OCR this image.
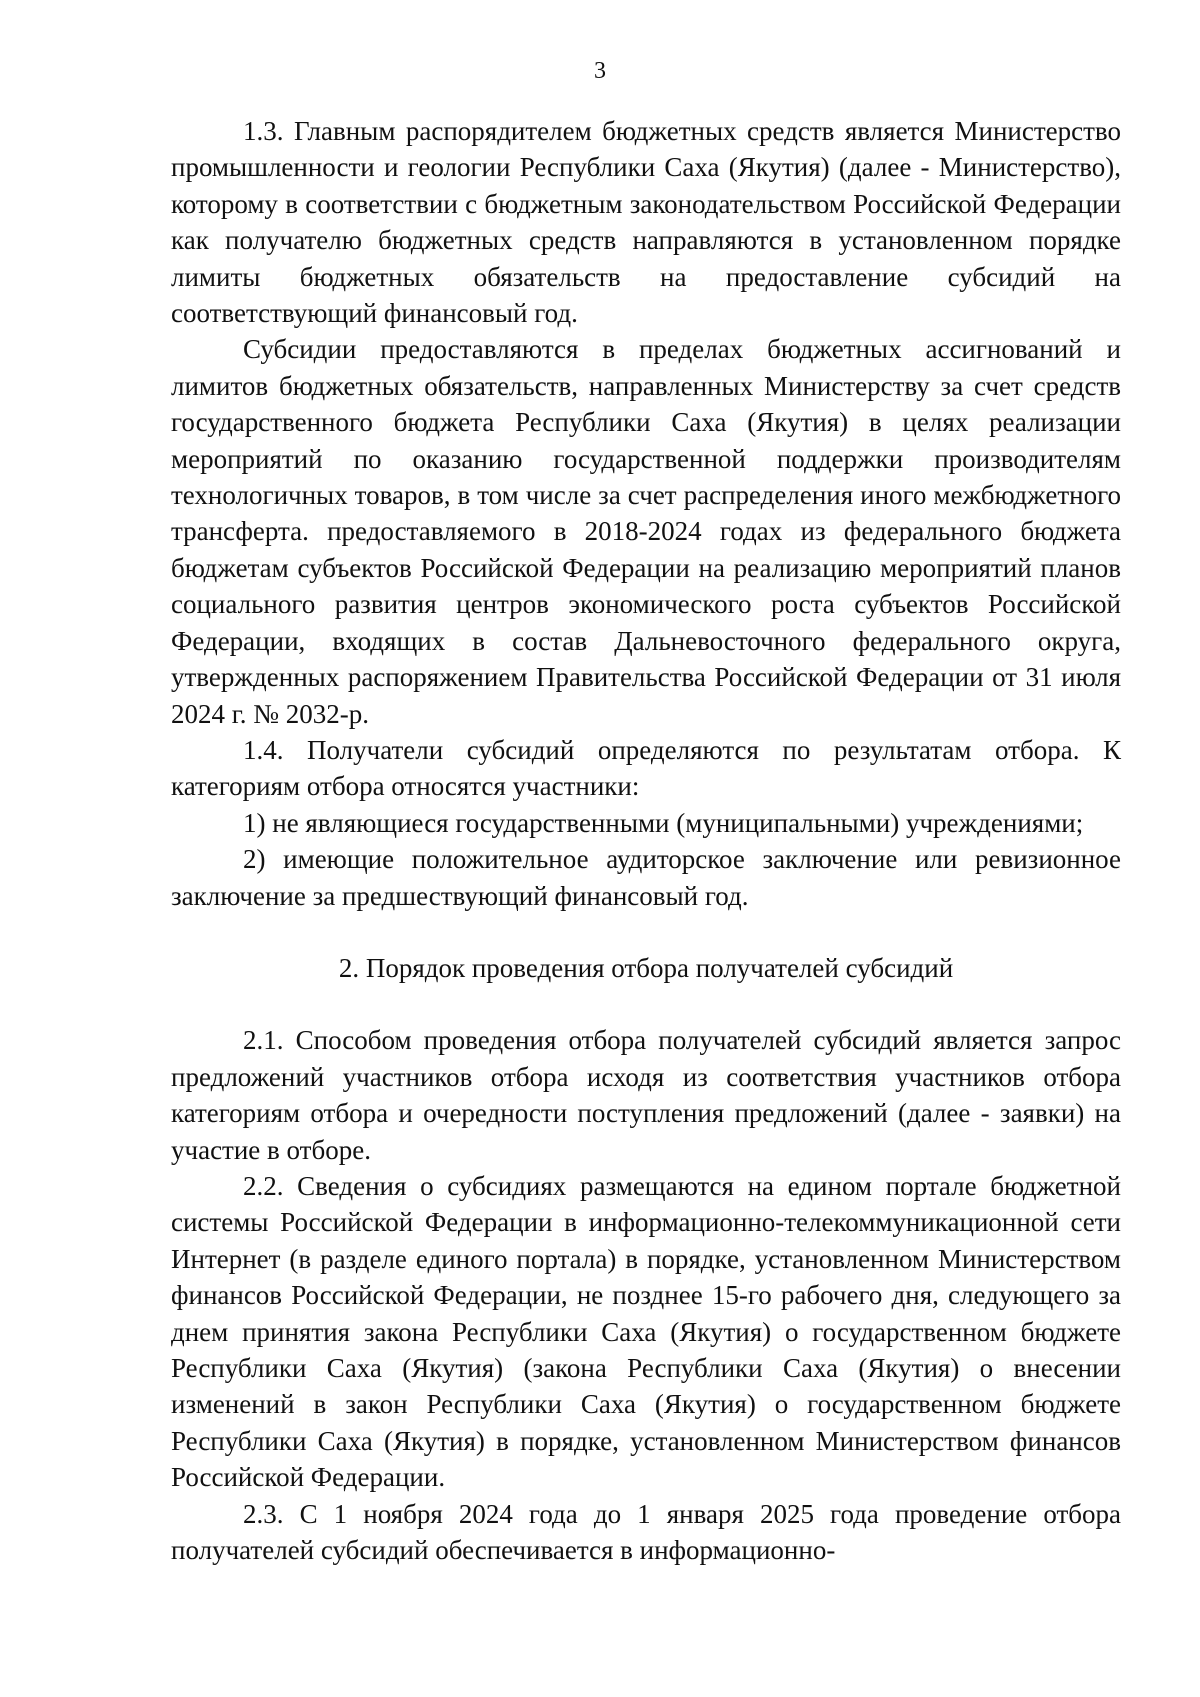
3

1.3. Главным распорядителем бюджетных средств является Министерство промышленности и геологии Республики Саха (Якутия) (далее - Министерство), которому в соответствии с бюджетным законодательством Российской Федерации как получателю бюджетных средств направляются в установленном порядке лимиты бюджетных обязательств на предоставление субсидий на соответствующий финансовый год.

Субсидии предоставляются в пределах бюджетных ассигнований и лимитов бюджетных обязательств, направленных Министерству за счет средств государственного бюджета Республики Саха (Якутия) в целях реализации мероприятий по оказанию государственной поддержки производителям технологичных товаров, в том числе за счет распределения иного межбюджетного трансферта. предоставляемого в 2018-2024 годах из федерального бюджета бюджетам субъектов Российской Федерации на реализацию мероприятий планов социального развития центров экономического роста субъектов Российской Федерации, входящих в состав Дальневосточного федерального округа, утвержденных распоряжением Правительства Российской Федерации от 31 июля 2024 г. № 2032-р.

1.4. Получатели субсидий определяются по результатам отбора. К категориям отбора относятся участники:

1) не являющиеся государственными (муниципальными) учреждениями;

2) имеющие положительное аудиторское заключение или ревизионное заключение за предшествующий финансовый год.

2. Порядок проведения отбора получателей субсидий

2.1. Способом проведения отбора получателей субсидий является запрос предложений участников отбора исходя из соответствия участников отбора категориям отбора и очередности поступления предложений (далее - заявки) на участие в отборе.

2.2. Сведения о субсидиях размещаются на едином портале бюджетной системы Российской Федерации в информационно-телекоммуникационной сети Интернет (в разделе единого портала) в порядке, установленном Министерством финансов Российской Федерации, не позднее 15-го рабочего дня, следующего за днем принятия закона Республики Саха (Якутия) о государственном бюджете Республики Саха (Якутия) (закона Республики Саха (Якутия) о внесении изменений в закон Республики Саха (Якутия) о государственном бюджете Республики Саха (Якутия) в порядке, установленном Министерством финансов Российской Федерации.

2.3. С 1 ноября 2024 года до 1 января 2025 года проведение отбора получателей субсидий обеспечивается в информационно-
